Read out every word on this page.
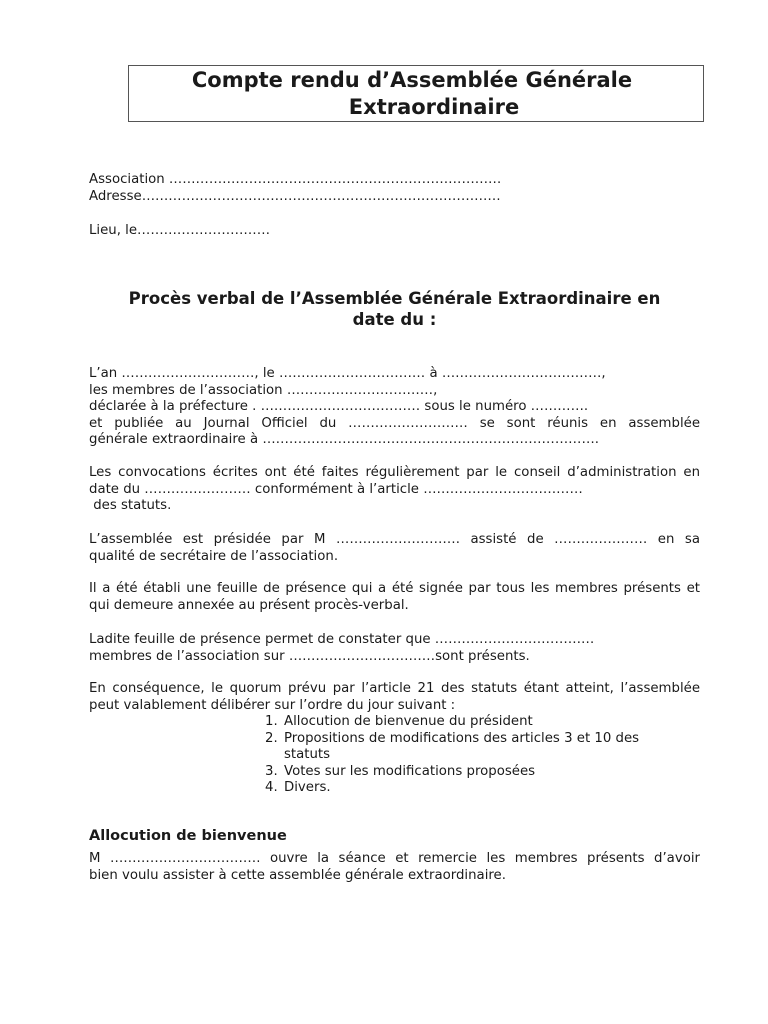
Compte rendu d’Assemblée Générale
Extraordinaire

Association …………………………………………………………………

Adresse………………………………………………………………………

Lieu, le…………………………

Procès verbal de l’Assemblée Générale Extraordinaire en
date du :

L’an …………………………, le …………………………… à ………………………………,

les membres de l’association ……………………………,

déclarée à la préfecture . ……………………………… sous le numéro ………….

et publiée au Journal Officiel du ……………………… se sont réunis en assemblée

générale extraordinaire à ………………………………………………………………….

Les convocations écrites ont été faites régulièrement par le conseil d’administration en

date du …………………… conformément à l’article ………………………………

des statuts.

L’assemblée est présidée par M ………………………. assisté de ………………… en sa

qualité de secrétaire de l’association.

Il a été établi une feuille de présence qui a été signée par tous les membres présents et qui demeure annexée au présent procès-verbal.

Ladite feuille de présence permet de constater que ………………………………

membres de l’association sur ……………………………sont présents.

En conséquence, le quorum prévu par l’article 21 des statuts étant atteint, l’assemblée peut valablement délibérer sur l’ordre du jour suivant :

1. Allocution de bienvenue du président
2. Propositions de modifications des articles 3 et 10 des statuts
3. Votes sur les modifications proposées
4. Divers.
Allocution de bienvenue

M ……………………………. ouvre la séance et remercie les membres présents d’avoir

bien voulu assister à cette assemblée générale extraordinaire.
